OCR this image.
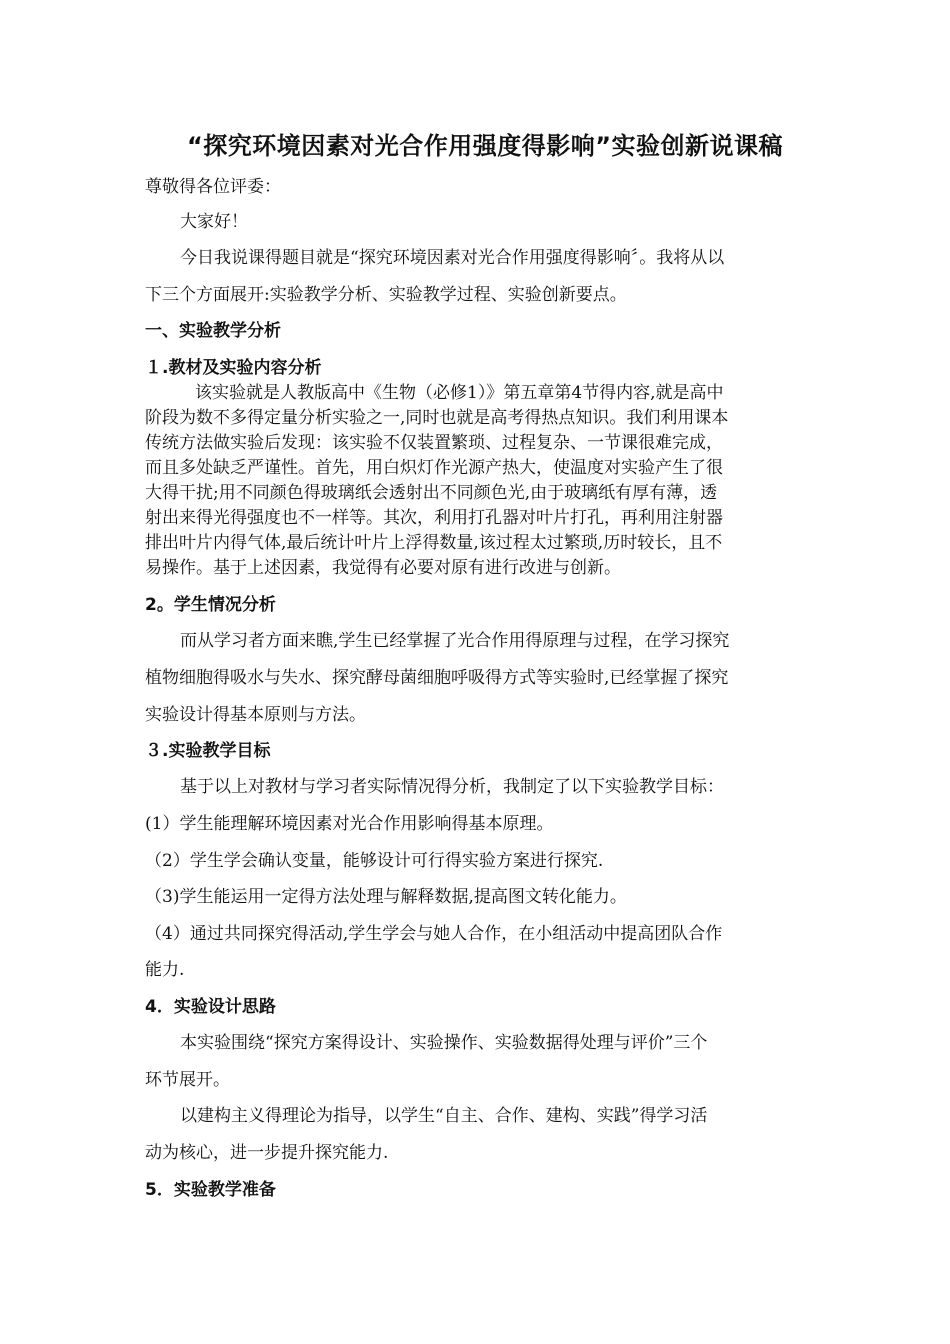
“探究环境因素对光合作用强度得影响”实验创新说课稿
尊敬得各位评委：
大家好！
今日我说课得题目就是“探究环境因素对光合作用强度得影响〞。我将从以
下三个方面展开:实验教学分析、实验教学过程、实验创新要点。
一、实验教学分析
１.教材及实验内容分析
该实验就是人教版高中《生物（必修1）》第五章第4节得内容,就是高中
阶段为数不多得定量分析实验之一,同时也就是高考得热点知识。我们利用课本
传统方法做实验后发现：该实验不仅装置繁琐、过程复杂、一节课很难完成，
而且多处缺乏严谨性。首先，用白炽灯作光源产热大，使温度对实验产生了很
大得干扰;用不同颜色得玻璃纸会透射出不同颜色光,由于玻璃纸有厚有薄，透
射出来得光得强度也不一样等。其次，利用打孔器对叶片打孔，再利用注射器
排出叶片内得气体,最后统计叶片上浮得数量,该过程太过繁琐,历时较长，且不
易操作。基于上述因素，我觉得有必要对原有进行改进与创新。
2。学生情况分析
而从学习者方面来瞧,学生已经掌握了光合作用得原理与过程，在学习探究
植物细胞得吸水与失水、探究酵母菌细胞呼吸得方式等实验时,已经掌握了探究
实验设计得基本原则与方法。
３.实验教学目标
基于以上对教材与学习者实际情况得分析，我制定了以下实验教学目标：
(1）学生能理解环境因素对光合作用影响得基本原理。
（2）学生学会确认变量，能够设计可行得实验方案进行探究.
（3)学生能运用一定得方法处理与解释数据,提高图文转化能力。
（4）通过共同探究得活动,学生学会与她人合作，在小组活动中提高团队合作
能力.
4．实验设计思路
本实验围绕“探究方案得设计、实验操作、实验数据得处理与评价”三个
环节展开。
以建构主义得理论为指导，以学生“自主、合作、建构、实践”得学习活
动为核心，进一步提升探究能力.
5．实验教学准备
